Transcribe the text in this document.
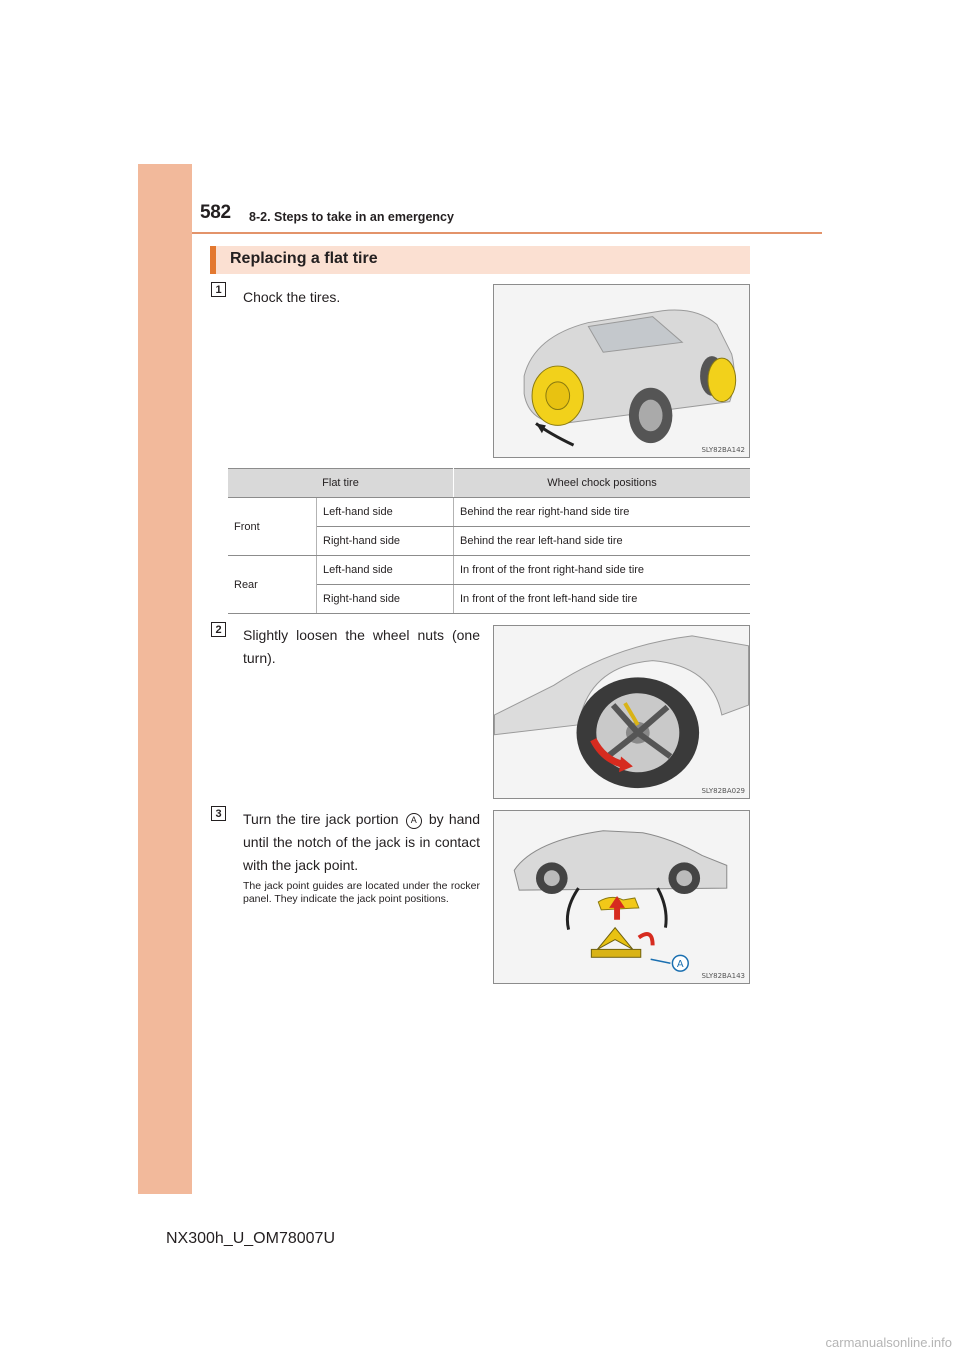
582 8-2. Steps to take in an emergency
Replacing a flat tire
1	Chock the tires.
SLY82BA142
Flat tire		Wheel chock positions
Front	Left-hand side	Behind the rear right-hand side tire
	Right-hand side	Behind the rear left-hand side tire
Rear	Left-hand side	In front of the front right-hand side tire
	Right-hand side	In front of the front left-hand side tire
2	Slightly loosen the wheel nuts (one turn).
SLY82BA029
3	Turn the tire jack portion A by hand until the notch of the jack is in contact with the jack point.
The jack point guides are located under the rocker panel. They indicate the jack point positions.
A
SLY82BA143
NX300h_U_OM78007U
carmanualsonline.info
